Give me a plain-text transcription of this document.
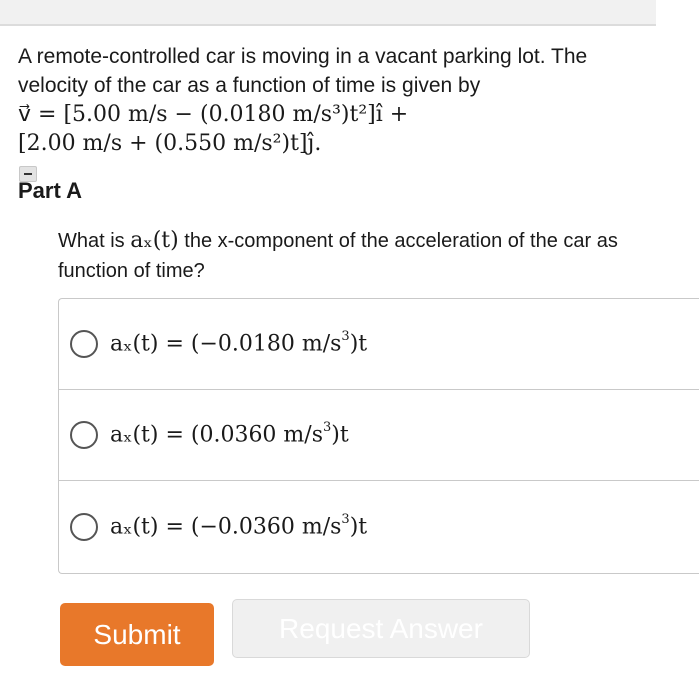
A remote-controlled car is moving in a vacant parking lot. The velocity of the car as a function of time is given by
v⃗ = [5.00 m/s − (0.0180 m/s³)t²]î +
[2.00 m/s + (0.550 m/s²)t]ĵ.
Part A
What is aₓ(t) the x-component of the acceleration of the car as function of time?
aₓ(t) = (−0.0180 $m/s^3)t$
aₓ(t) = (0.0360 $m/s^3)t$
aₓ(t) = (−0.0360 $m/s^3)t$
Submit	Request Answer
